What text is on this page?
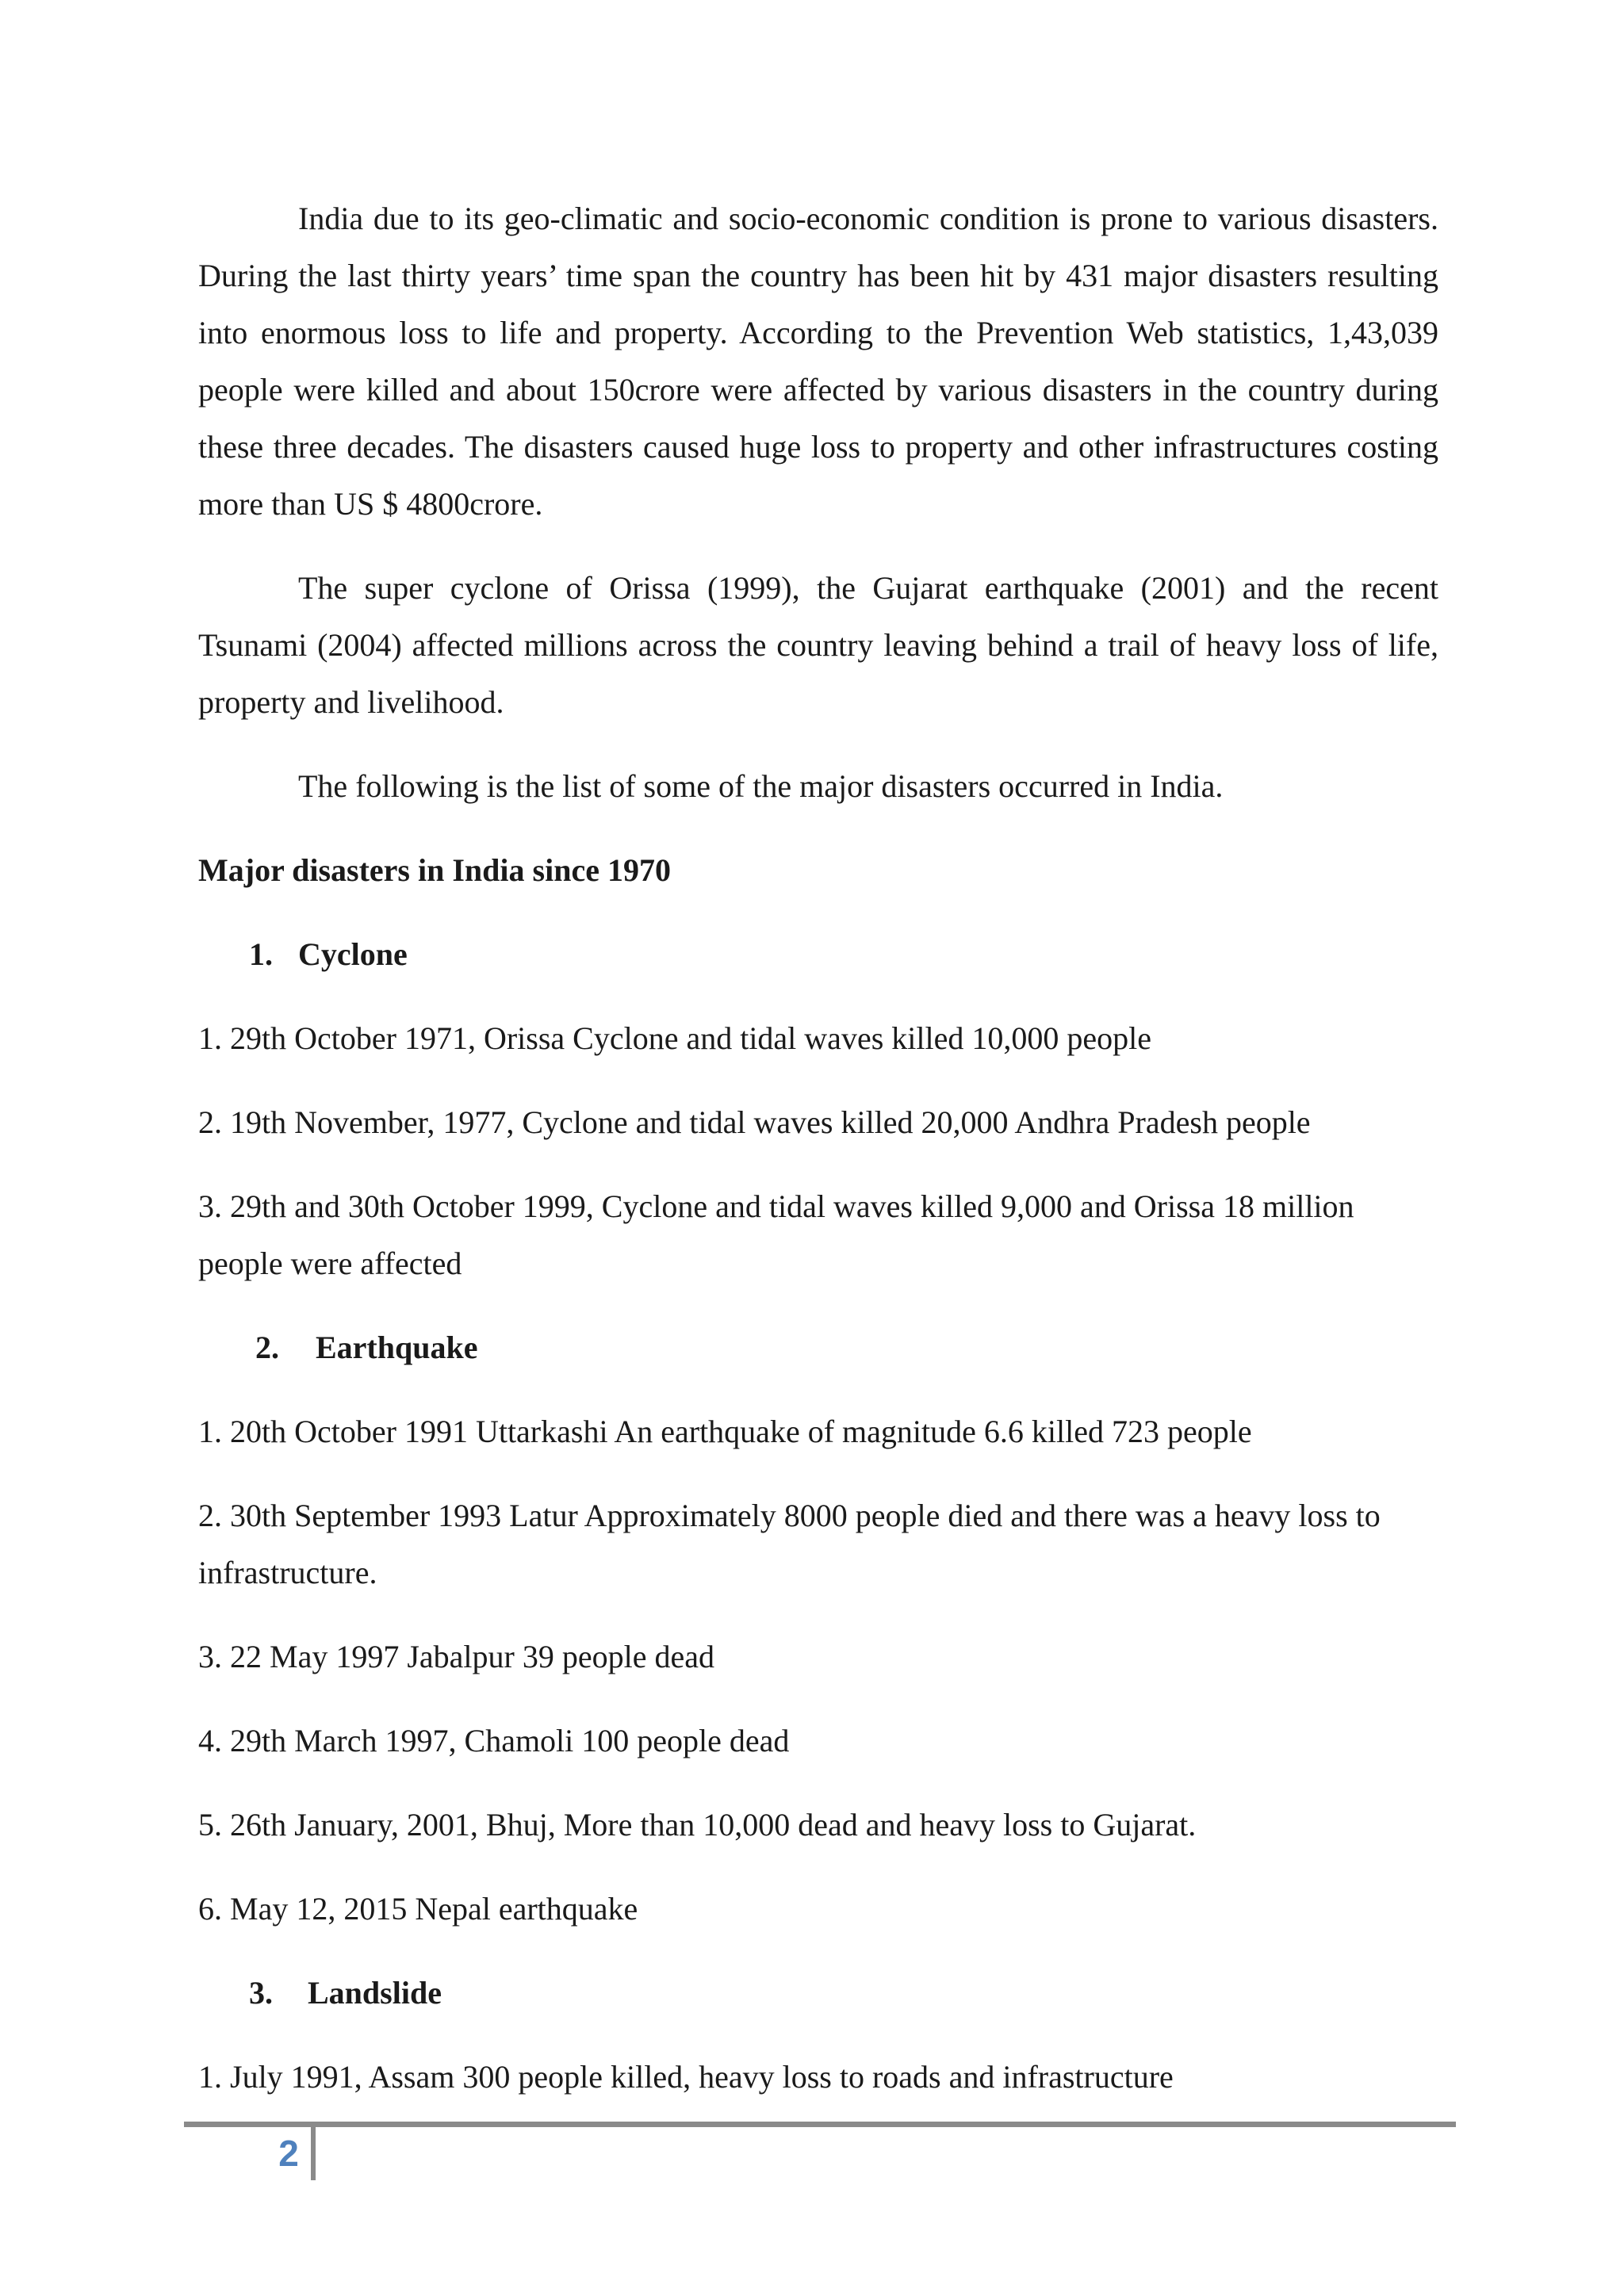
India due to its geo-climatic and socio-economic condition is prone to various disasters. During the last thirty years’ time span the country has been hit by 431 major disasters resulting into enormous loss to life and property. According to the Prevention Web statistics, 1,43,039 people were killed and about 150crore were affected by various disasters in the country during these three decades. The disasters caused huge loss to property and other infrastructures costing more than US $ 4800crore.

The super cyclone of Orissa (1999), the Gujarat earthquake (2001) and the recent Tsunami (2004) affected millions across the country leaving behind a trail of heavy loss of life, property and livelihood.

The following is the list of some of the major disasters occurred in India.

Major disasters in India since 1970
1. Cyclone
1. 29th October 1971, Orissa Cyclone and tidal waves killed 10,000 people
2. 19th November, 1977, Cyclone and tidal waves killed 20,000 Andhra Pradesh people
3. 29th and 30th October 1999, Cyclone and tidal waves killed 9,000 and Orissa 18 million people were affected
2.	Earthquake
1. 20th October 1991 Uttarkashi An earthquake of magnitude 6.6 killed 723 people
2. 30th September 1993 Latur Approximately 8000 people died and there was a heavy loss to infrastructure.
3. 22 May 1997 Jabalpur 39 people dead
4. 29th March 1997, Chamoli 100 people dead
5. 26th January, 2001, Bhuj, More than 10,000 dead and heavy loss to Gujarat.
6. May 12, 2015 Nepal earthquake
3.	Landslide
1. July 1991, Assam 300 people killed, heavy loss to roads and infrastructure
2
